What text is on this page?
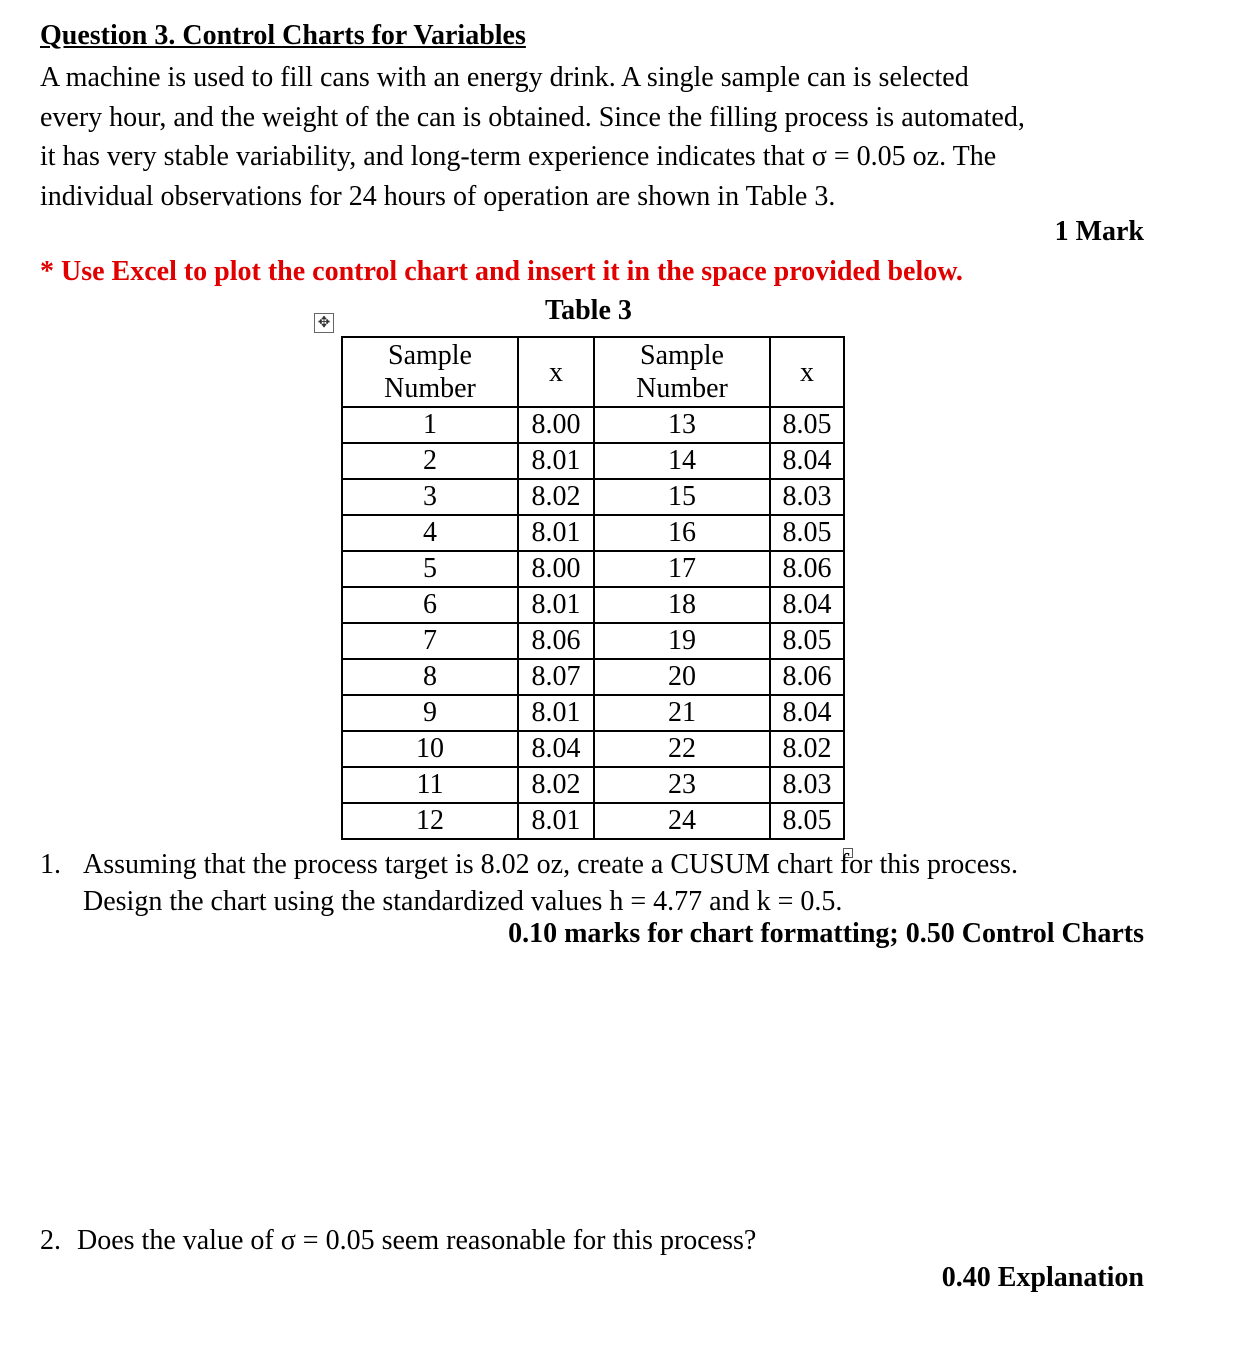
Question 3. Control Charts for Variables
A machine is used to fill cans with an energy drink. A single sample can is selected
every hour, and the weight of the can is obtained. Since the filling process is automated,
it has very stable variability, and long-term experience indicates that σ = 0.05 oz. The
individual observations for 24 hours of operation are shown in Table 3.
1 Mark
* Use Excel to plot the control chart and insert it in the space provided below.
Table 3
✥
Sample Number	x	Sample Number	x
1	8.00	13	8.05
2	8.01	14	8.04
3	8.02	15	8.03
4	8.01	16	8.05
5	8.00	17	8.06
6	8.01	18	8.04
7	8.06	19	8.05
8	8.07	20	8.06
9	8.01	21	8.04
10	8.04	22	8.02
11	8.02	23	8.03
12	8.01	24	8.05
1. Assuming that the process target is 8.02 oz, create a CUSUM chart for this process.
Design the chart using the standardized values h = 4.77 and k = 0.5.
0.10 marks for chart formatting; 0.50 Control Charts
2. Does the value of σ = 0.05 seem reasonable for this process?
0.40 Explanation
